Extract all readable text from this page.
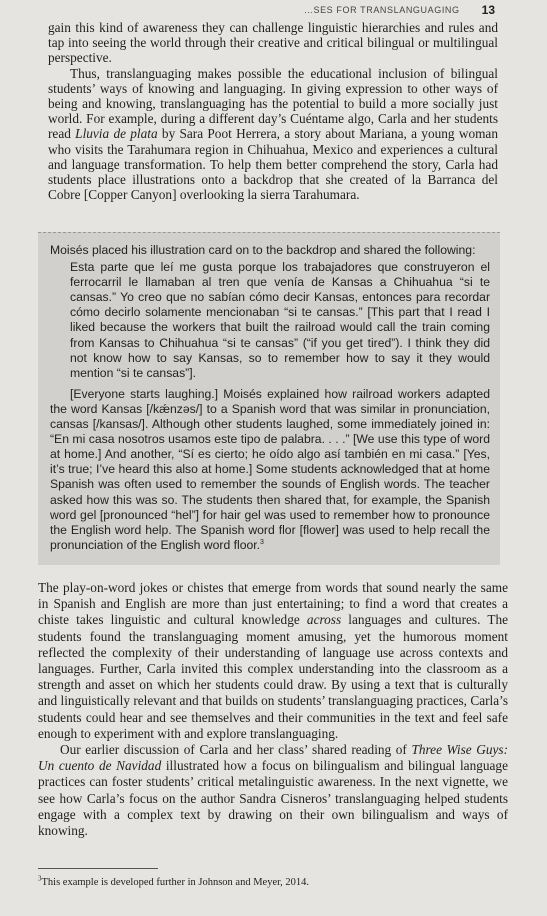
…SES FOR TRANSLANGUAGING 13

gain this kind of awareness they can challenge linguistic hierarchies and rules and tap into seeing the world through their creative and critical bilingual or multilingual perspective.

Thus, translanguaging makes possible the educational inclusion of bilingual students’ ways of knowing and languaging. In giving expression to other ways of being and knowing, translanguaging has the potential to build a more socially just world. For example, during a different day’s Cuéntame algo, Carla and her students read Lluvia de plata by Sara Poot Herrera, a story about Mariana, a young woman who visits the Tarahumara region in Chihuahua, Mexico and experiences a cultural and language transformation. To help them better comprehend the story, Carla had students place illustrations onto a backdrop that she created of la Barranca del Cobre [Copper Canyon] overlooking la sierra Tarahumara.

Moisés placed his illustration card on to the backdrop and shared the following:

Esta parte que leí me gusta porque los trabajadores que construyeron el ferrocarril le llamaban al tren que venía de Kansas a Chihuahua “si te cansas.” Yo creo que no sabían cómo decir Kansas, entonces para recordar cómo decirlo solamente mencionaban “si te cansas.” [This part that I read I liked because the workers that built the railroad would call the train coming from Kansas to Chihuahua “si te cansas” (“if you get tired”). I think they did not know how to say Kansas, so to remember how to say it they would mention “si te cansas”].

[Everyone starts laughing.] Moisés explained how railroad workers adapted the word Kansas [/kǽnzəs/] to a Spanish word that was similar in pronunciation, cansas [/kansas/]. Although other students laughed, some immediately joined in: “En mi casa nosotros usamos este tipo de palabra. . . .” [We use this type of word at home.] And another, “Sí es cierto; he oído algo así también en mi casa.” [Yes, it’s true; I’ve heard this also at home.] Some students acknowledged that at home Spanish was often used to remember the sounds of English words. The teacher asked how this was so. The students then shared that, for example, the Spanish word gel [pronounced “hel”] for hair gel was used to remember how to pronounce the English word help. The Spanish word flor [flower] was used to help recall the pronunciation of the English word floor.$^3$

The play-on-word jokes or chistes that emerge from words that sound nearly the same in Spanish and English are more than just entertaining; to find a word that creates a chiste takes linguistic and cultural knowledge across languages and cultures. The students found the translanguaging moment amusing, yet the humorous moment reflected the complexity of their understanding of language use across contexts and languages. Further, Carla invited this complex understanding into the classroom as a strength and asset on which her students could draw. By using a text that is culturally and linguistically relevant and that builds on students’ translanguaging practices, Carla’s students could hear and see themselves and their communities in the text and feel safe enough to experiment with and explore translanguaging.

Our earlier discussion of Carla and her class’ shared reading of Three Wise Guys: Un cuento de Navidad illustrated how a focus on bilingualism and bilingual language practices can foster students’ critical metalinguistic awareness. In the next vignette, we see how Carla’s focus on the author Sandra Cisneros’ translanguaging helped students engage with a complex text by drawing on their own bilingualism and ways of knowing.

$^3$This example is developed further in Johnson and Meyer, 2014.
